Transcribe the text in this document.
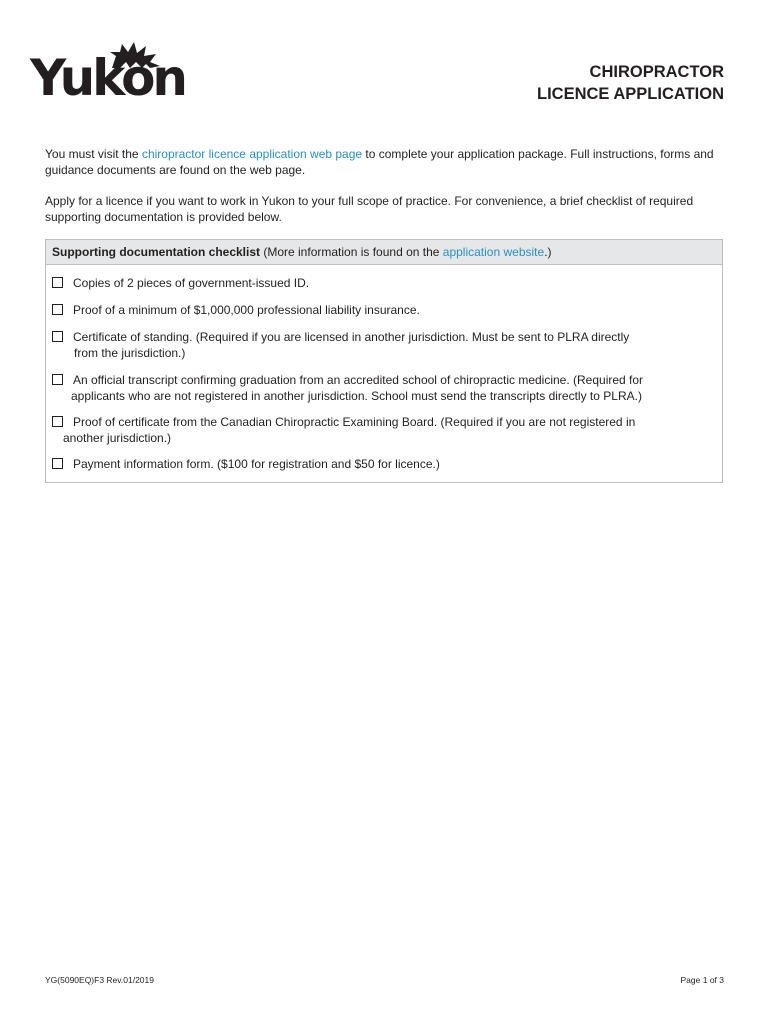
Yukon	CHIROPRACTOR
LICENCE APPLICATION
You must visit the chiropractor licence application web page to complete your application package. Full instructions, forms and guidance documents are found on the web page.
Apply for a licence if you want to work in Yukon to your full scope of practice. For convenience, a brief checklist of required supporting documentation is provided below.
Supporting documentation checklist (More information is found on the application website.)
Copies of 2 pieces of government-issued ID.
Proof of a minimum of $1,000,000 professional liability insurance.
Certificate of standing. (Required if you are licensed in another jurisdiction. Must be sent to PLRA directly
from the jurisdiction.)
An official transcript confirming graduation from an accredited school of chiropractic medicine. (Required for
applicants who are not registered in another jurisdiction. School must send the transcripts directly to PLRA.)
Proof of certificate from the Canadian Chiropractic Examining Board. (Required if you are not registered in
another jurisdiction.)
Payment information form. ($100 for registration and $50 for licence.)
YG(5090EQ)F3 Rev.01/2019	Page 1 of 3
